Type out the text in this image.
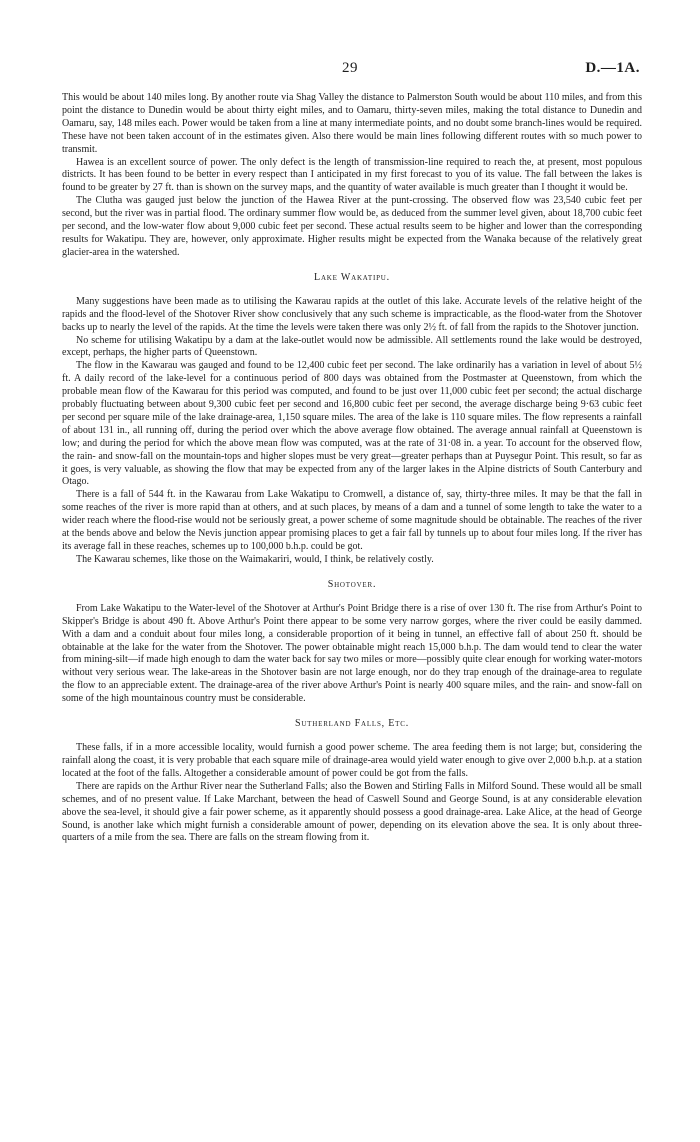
29	D.—1A.

This would be about 140 miles long. By another route via Shag Valley the distance to Palmerston South would be about 110 miles, and from this point the distance to Dunedin would be about thirty eight miles, and to Oamaru, thirty-seven miles, making the total distance to Dunedin and Oamaru, say, 148 miles each. Power would be taken from a line at many intermediate points, and no doubt some branch-lines would be required. These have not been taken account of in the estimates given. Also there would be main lines following different routes with so much power to transmit.

Hawea is an excellent source of power. The only defect is the length of transmission-line required to reach the, at present, most populous districts. It has been found to be better in every respect than I anticipated in my first forecast to you of its value. The fall between the lakes is found to be greater by 27 ft. than is shown on the survey maps, and the quantity of water available is much greater than I thought it would be.

The Clutha was gauged just below the junction of the Hawea River at the punt-crossing. The observed flow was 23,540 cubic feet per second, but the river was in partial flood. The ordinary summer flow would be, as deduced from the summer level given, about 18,700 cubic feet per second, and the low-water flow about 9,000 cubic feet per second. These actual results seem to be higher and lower than the corresponding results for Wakatipu. They are, however, only approximate. Higher results might be expected from the Wanaka because of the relatively great glacier-area in the watershed.

Lake Wakatipu.

Many suggestions have been made as to utilising the Kawarau rapids at the outlet of this lake. Accurate levels of the relative height of the rapids and the flood-level of the Shotover River show conclusively that any such scheme is impracticable, as the flood-water from the Shotover backs up to nearly the level of the rapids. At the time the levels were taken there was only 2½ ft. of fall from the rapids to the Shotover junction.

No scheme for utilising Wakatipu by a dam at the lake-outlet would now be admissible. All settlements round the lake would be destroyed, except, perhaps, the higher parts of Queenstown.

The flow in the Kawarau was gauged and found to be 12,400 cubic feet per second. The lake ordinarily has a variation in level of about 5½ ft. A daily record of the lake-level for a continuous period of 800 days was obtained from the Postmaster at Queenstown, from which the probable mean flow of the Kawarau for this period was computed, and found to be just over 11,000 cubic feet per second; the actual discharge probably fluctuating between about 9,300 cubic feet per second and 16,800 cubic feet per second, the average discharge being 9·63 cubic feet per second per square mile of the lake drainage-area, 1,150 square miles. The area of the lake is 110 square miles. The flow represents a rainfall of about 131 in., all running off, during the period over which the above average flow obtained. The average annual rainfall at Queenstown is low; and during the period for which the above mean flow was computed, was at the rate of 31·08 in. a year. To account for the observed flow, the rain- and snow-fall on the mountain-tops and higher slopes must be very great—greater perhaps than at Puysegur Point. This result, so far as it goes, is very valuable, as showing the flow that may be expected from any of the larger lakes in the Alpine districts of South Canterbury and Otago.

There is a fall of 544 ft. in the Kawarau from Lake Wakatipu to Cromwell, a distance of, say, thirty-three miles. It may be that the fall in some reaches of the river is more rapid than at others, and at such places, by means of a dam and a tunnel of some length to take the water to a wider reach where the flood-rise would not be seriously great, a power scheme of some magnitude should be obtainable. The reaches of the river at the bends above and below the Nevis junction appear promising places to get a fair fall by tunnels up to about four miles long. If the river has its average fall in these reaches, schemes up to 100,000 b.h.p. could be got.

The Kawarau schemes, like those on the Waimakariri, would, I think, be relatively costly.

Shotover.

From Lake Wakatipu to the Water-level of the Shotover at Arthur's Point Bridge there is a rise of over 130 ft. The rise from Arthur's Point to Skipper's Bridge is about 490 ft. Above Arthur's Point there appear to be some very narrow gorges, where the river could be easily dammed. With a dam and a conduit about four miles long, a considerable proportion of it being in tunnel, an effective fall of about 250 ft. should be obtainable at the lake for the water from the Shotover. The power obtainable might reach 15,000 b.h.p. The dam would tend to clear the water from mining-silt—if made high enough to dam the water back for say two miles or more—possibly quite clear enough for working water-motors without very serious wear. The lake-areas in the Shotover basin are not large enough, nor do they trap enough of the drainage-area to regulate the flow to an appreciable extent. The drainage-area of the river above Arthur's Point is nearly 400 square miles, and the rain- and snow-fall on some of the high mountainous country must be considerable.

Sutherland Falls, Etc.

These falls, if in a more accessible locality, would furnish a good power scheme. The area feeding them is not large; but, considering the rainfall along the coast, it is very probable that each square mile of drainage-area would yield water enough to give over 2,000 b.h.p. at a station located at the foot of the falls. Altogether a considerable amount of power could be got from the falls.

There are rapids on the Arthur River near the Sutherland Falls; also the Bowen and Stirling Falls in Milford Sound. These would all be small schemes, and of no present value. If Lake Marchant, between the head of Caswell Sound and George Sound, is at any considerable elevation above the sea-level, it should give a fair power scheme, as it apparently should possess a good drainage-area. Lake Alice, at the head of George Sound, is another lake which might furnish a considerable amount of power, depending on its elevation above the sea. It is only about three-quarters of a mile from the sea. There are falls on the stream flowing from it.
